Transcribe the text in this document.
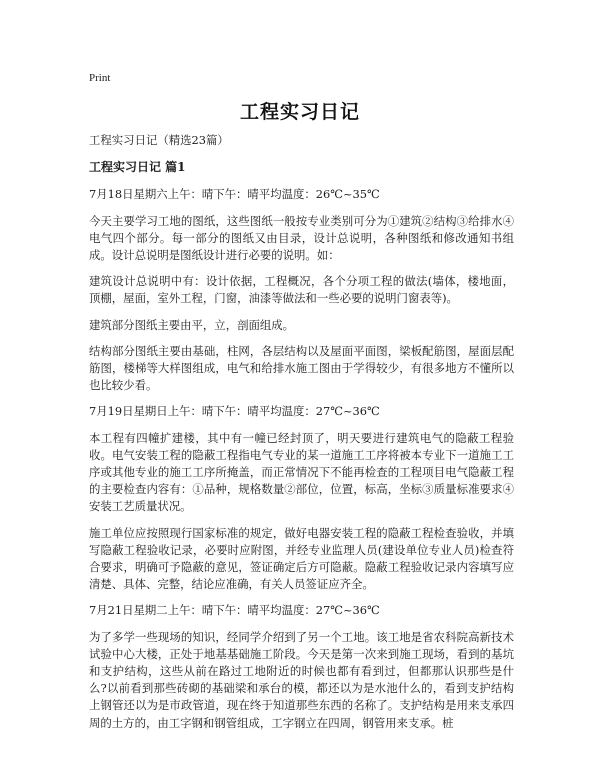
Print
工程实习日记

工程实习日记（精选23篇）

工程实习日记 篇1

7月18日星期六上午：晴下午：晴平均温度：26℃~35℃

今天主要学习工地的图纸，这些图纸一般按专业类别可分为①建筑②结构③给排水④电气四个部分。每一部分的图纸又由目录，设计总说明，各种图纸和修改通知书组成。设计总说明是图纸设计进行必要的说明。如：

建筑设计总说明中有：设计依据，工程概况，各个分项工程的做法(墙体，楼地面，顶棚，屋面，室外工程，门窗，油漆等做法和一些必要的说明门窗表等)。

建筑部分图纸主要由平，立，剖面组成。

结构部分图纸主要由基础，柱网，各层结构以及屋面平面图，梁板配筋图，屋面层配筋图，楼梯等大样图组成，电气和给排水施工图由于学得较少，有很多地方不懂所以也比较少看。

7月19日星期日上午：晴下午：晴平均温度：27℃~36℃

本工程有四幢扩建楼，其中有一幢已经封顶了，明天要进行建筑电气的隐蔽工程验收。电气安装工程的隐蔽工程指电气专业的某一道施工工序将被本专业下一道施工工序或其他专业的施工工序所掩盖，而正常情况下不能再检查的工程项目电气隐蔽工程的主要检查内容有：①品种，规格数量②部位，位置，标高，坐标③质量标准要求④安装工艺质量状况。

施工单位应按照现行国家标准的规定，做好电器安装工程的隐蔽工程检查验收，并填写隐蔽工程验收记录，必要时应附图，并经专业监理人员(建设单位专业人员)检查符合要求，明确可予隐蔽的意见，签证确定后方可隐蔽。隐蔽工程验收记录内容填写应清楚、具体、完整，结论应准确，有关人员签证应齐全。

7月21日星期二上午：晴下午：晴平均温度：27℃~36℃

为了多学一些现场的知识，经同学介绍到了另一个工地。该工地是省农科院高新技术试验中心大楼，正处于地基基础施工阶段。今天是第一次来到施工现场，看到的基坑和支护结构，这些从前在路过工地附近的时候也都有看到过，但都那认识那些是什么?以前看到那些砖砌的基础梁和承台的模，都还以为是水池什么的，看到支护结构上钢管还以为是市政管道，现在终于知道那些东西的名称了。支护结构是用来支承四周的土方的，由工字钢和钢管组成，工字钢立在四周，钢管用来支承。桩
